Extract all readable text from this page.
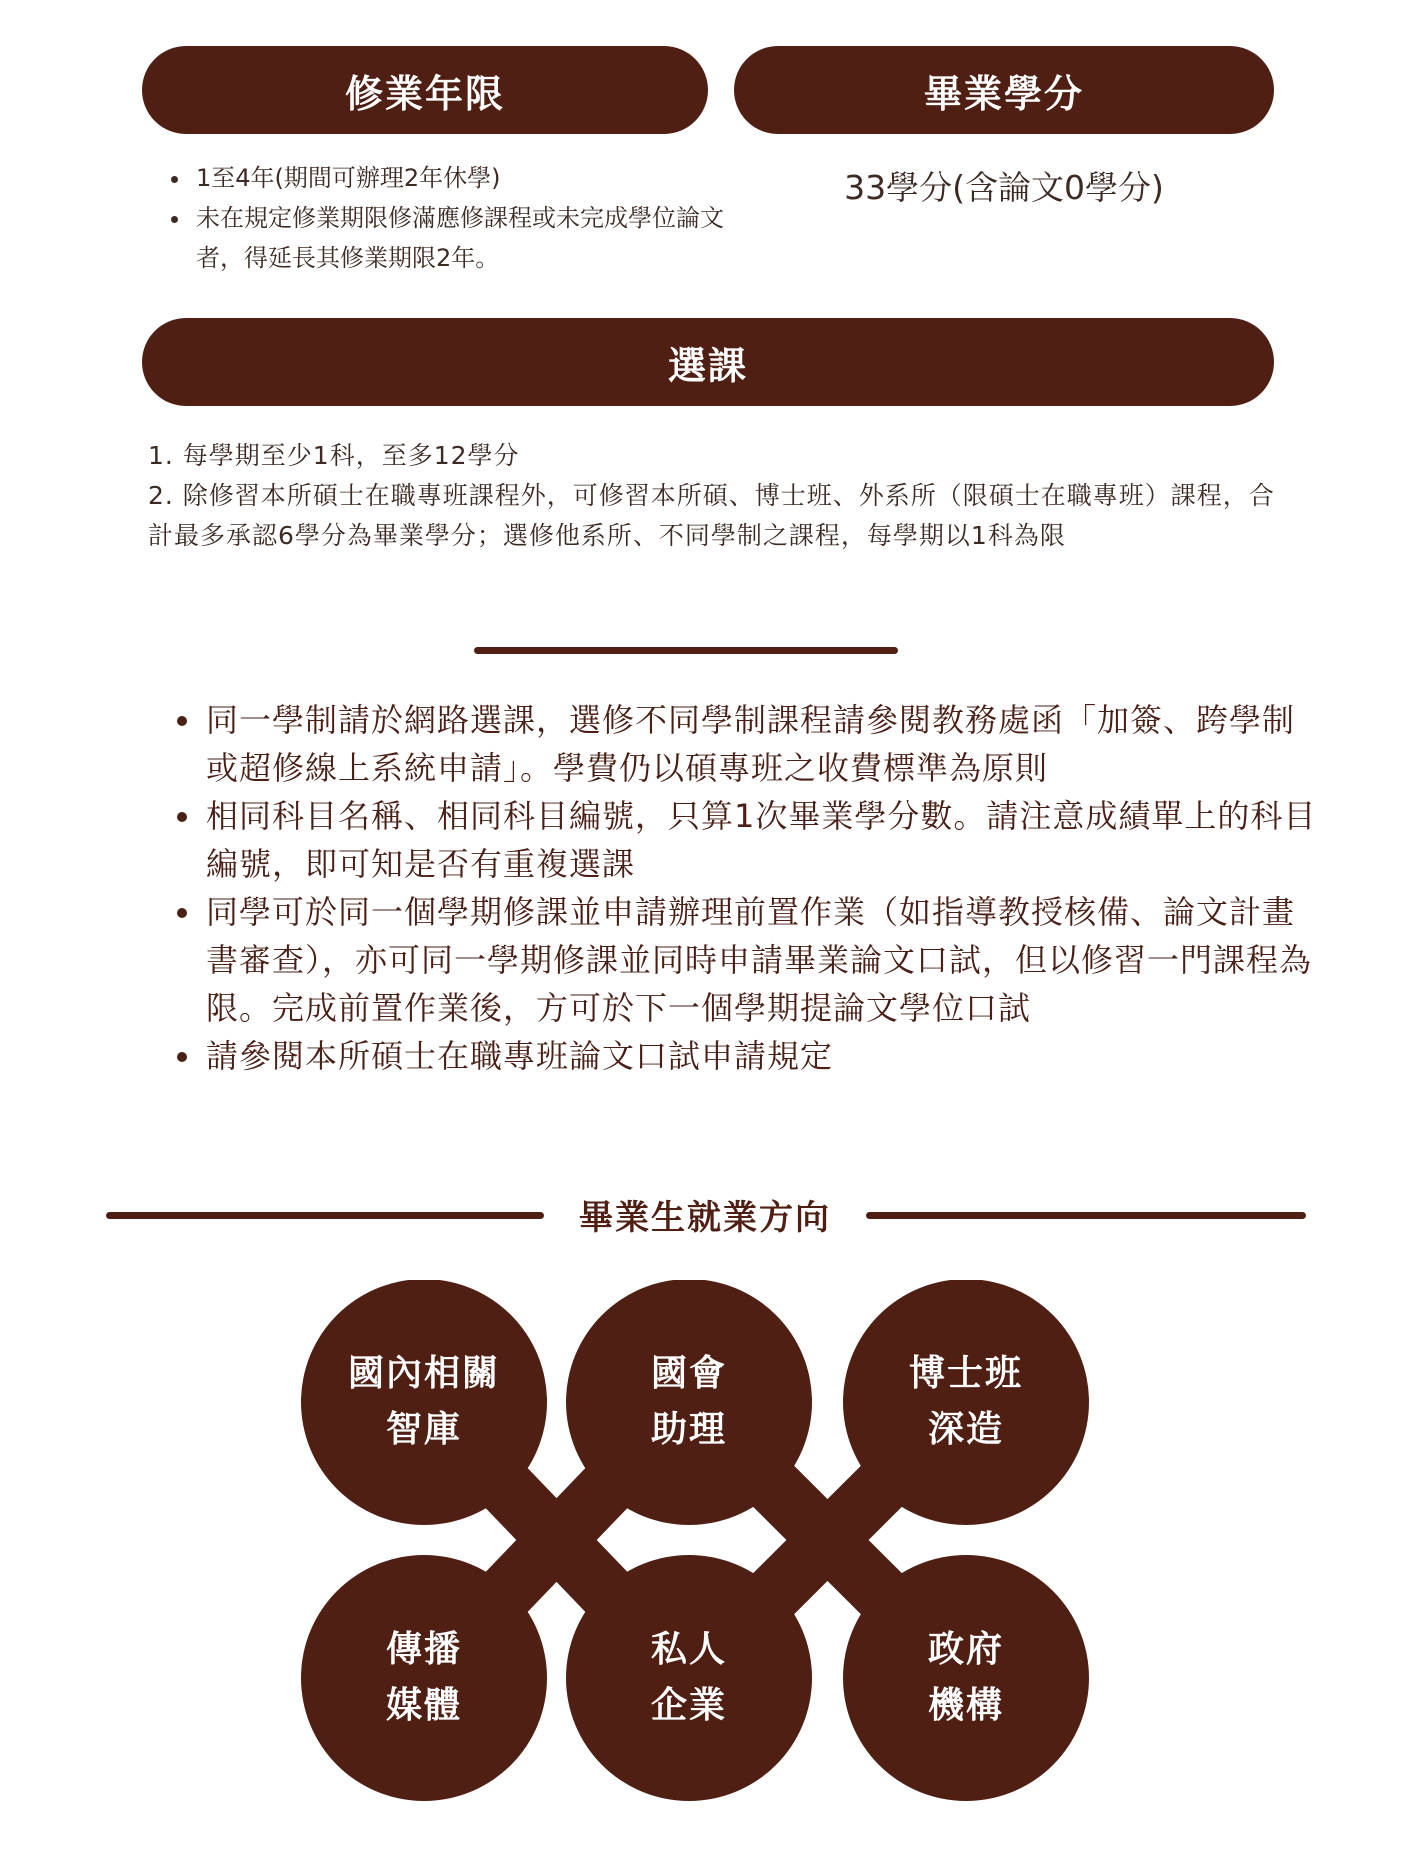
修業年限	畢業學分
• 1至4年(期間可辦理2年休學)
• 未在規定修業期限修滿應修課程或未完成學位論文者，得延長其修業期限2年。
33學分(含論文0學分)
選課
1. 每學期至少1科，至多12學分
2. 除修習本所碩士在職專班課程外，可修習本所碩、博士班、外系所（限碩士在職專班）課程，合計最多承認6學分為畢業學分；選修他系所、不同學制之課程，每學期以1科為限
• 同一學制請於網路選課，選修不同學制課程請參閱教務處函「加簽、跨學制或超修線上系統申請」。學費仍以碩專班之收費標準為原則
• 相同科目名稱、相同科目編號，只算1次畢業學分數。請注意成績單上的科目編號，即可知是否有重複選課
• 同學可於同一個學期修課並申請辦理前置作業（如指導教授核備、論文計畫書審查），亦可同一學期修課並同時申請畢業論文口試，但以修習一門課程為限。完成前置作業後，方可於下一個學期提論文學位口試
• 請參閱本所碩士在職專班論文口試申請規定
畢業生就業方向
國內相關
智庫
國會
助理
博士班
深造
傳播
媒體
私人
企業
政府
機構
